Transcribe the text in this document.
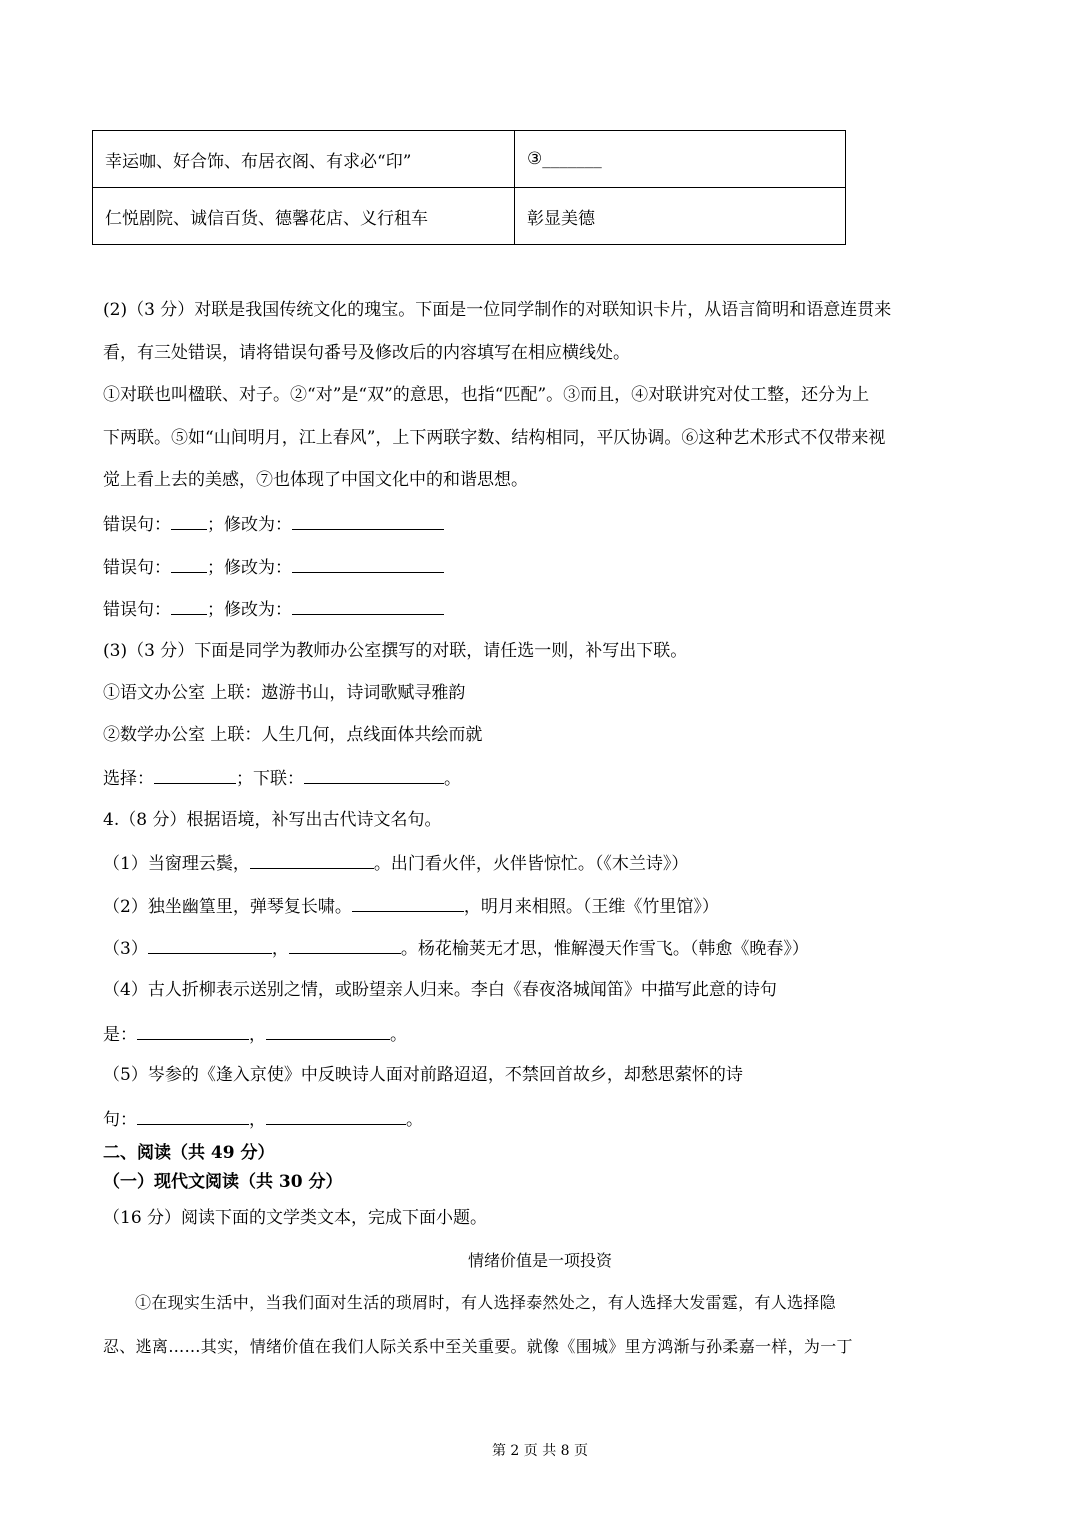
幸运咖、好合饰、布居衣阁、有求必“印”	③_______
仁悦剧院、诚信百货、德馨花店、义行租车	彰显美德
(2)（3 分）对联是我国传统文化的瑰宝。下面是一位同学制作的对联知识卡片，从语言简明和语意连贯来
看，有三处错误，请将错误句番号及修改后的内容填写在相应横线处。
①对联也叫楹联、对子。②“对”是“双”的意思，也指“匹配”。③而且，④对联讲究对仗工整，还分为上
下两联。⑤如“山间明月，江上春风”，上下两联字数、结构相同，平仄协调。⑥这种艺术形式不仅带来视
觉上看上去的美感，⑦也体现了中国文化中的和谐思想。
错误句： ；修改为：
错误句： ；修改为：
错误句： ；修改为：
(3)（3 分）下面是同学为教师办公室撰写的对联，请任选一则，补写出下联。
①语文办公室 上联：遨游书山，诗词歌赋寻雅韵
②数学办公室 上联：人生几何，点线面体共绘而就
选择：	；下联：	。
4.（8 分）根据语境，补写出古代诗文名句。
（1）当窗理云鬓，	。出门看火伴，火伴皆惊忙。（《木兰诗》）
（2）独坐幽篁里，弹琴复长啸。	，明月来相照。（王维《竹里馆》）
（3）	，	。杨花榆荚无才思，惟解漫天作雪飞。（韩愈《晚春》）
（4）古人折柳表示送别之情，或盼望亲人归来。李白《春夜洛城闻笛》中描写此意的诗句
是：	，	。
（5）岑参的《逢入京使》中反映诗人面对前路迢迢，不禁回首故乡，却愁思萦怀的诗
句：	，	。
二、阅读（共 49 分）
（一）现代文阅读（共 30 分）
（16 分）阅读下面的文学类文本，完成下面小题。
情绪价值是一项投资
①在现实生活中，当我们面对生活的琐屑时，有人选择泰然处之，有人选择大发雷霆，有人选择隐
忍、逃离……其实，情绪价值在我们人际关系中至关重要。就像《围城》里方鸿渐与孙柔嘉一样，为一丁
第 2 页 共 8 页
